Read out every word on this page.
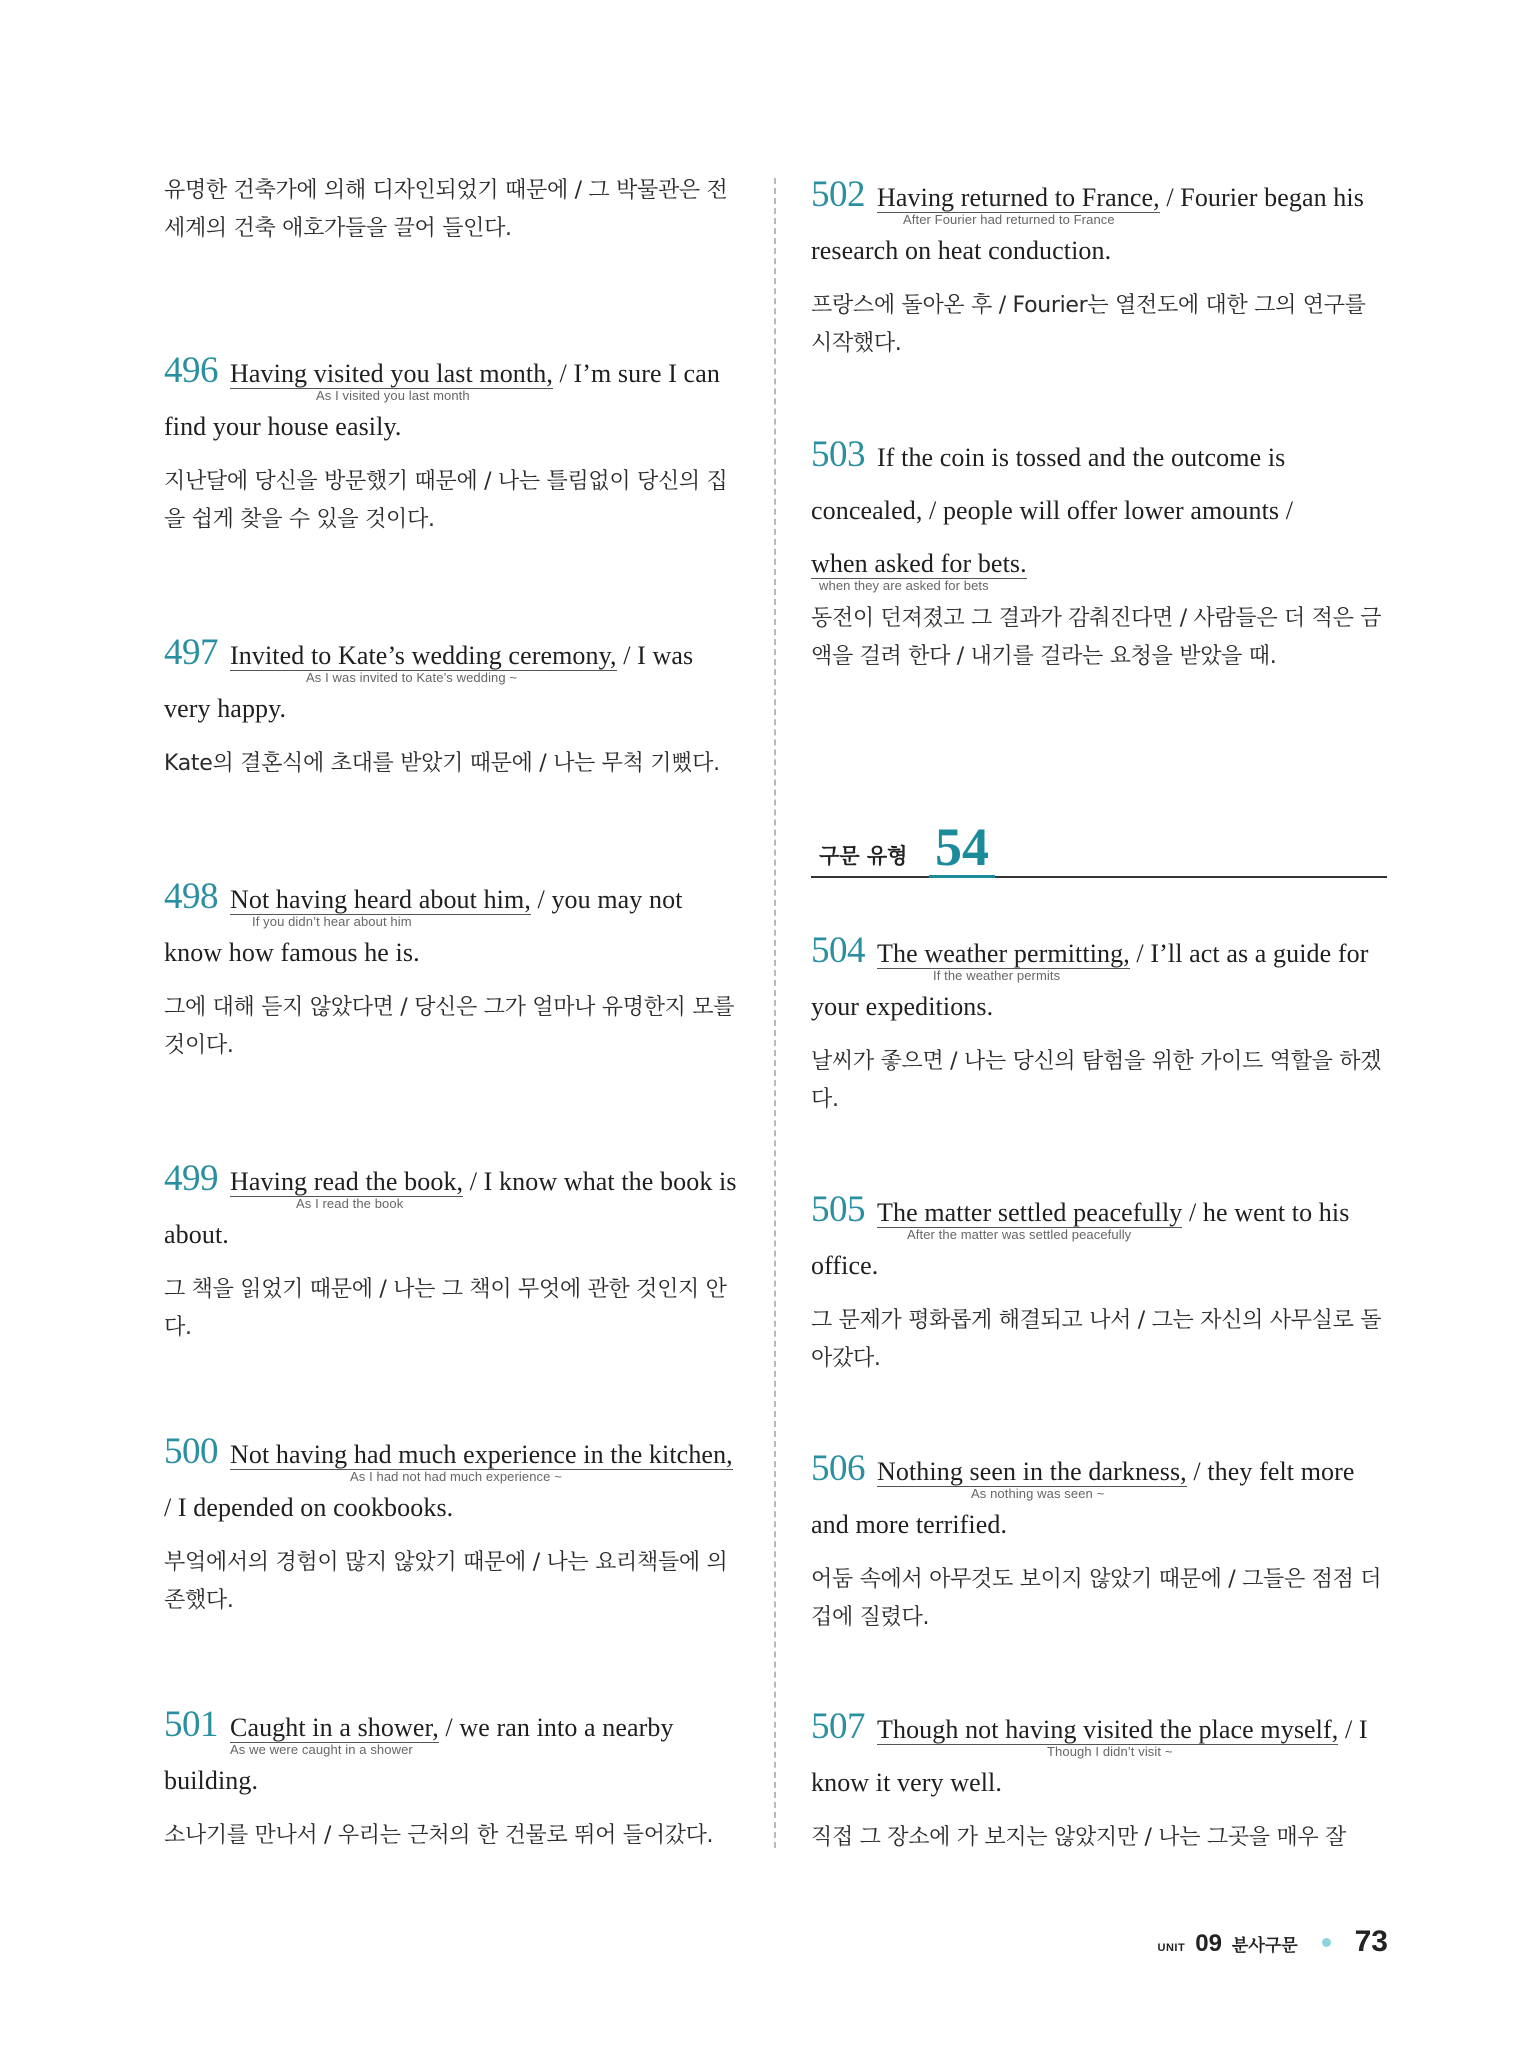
유명한 건축가에 의해 디자인되었기 때문에 / 그 박물관은 전 세계의 건축 애호가들을 끌어 들인다.
496 Having visited you last month,
As I visited you last month
/ I’m sure I can find your house easily.
지난달에 당신을 방문했기 때문에 / 나는 틀림없이 당신의 집을 쉽게 찾을 수 있을 것이다.
497 Invited to Kate’s wedding ceremony,
As I was invited to Kate’s wedding ~
/ I was very happy.
Kate의 결혼식에 초대를 받았기 때문에 / 나는 무척 기뻤다.
498 Not having heard about him,
If you didn’t hear about him
/ you may not know how famous he is.
그에 대해 듣지 않았다면 / 당신은 그가 얼마나 유명한지 모를 것이다.
499 Having read the book,
As I read the book
/ I know what the book is about.
그 책을 읽었기 때문에 / 나는 그 책이 무엇에 관한 것인지 안다.
500 Not having had much experience in the kitchen,
As I had not had much experience ~
/ I depended on cookbooks.
부엌에서의 경험이 많지 않았기 때문에 / 나는 요리책들에 의존했다.
501 Caught in a shower,
As we were caught in a shower
/ we ran into a nearby building.
소나기를 만나서 / 우리는 근처의 한 건물로 뛰어 들어갔다.
502 Having returned to France,
After Fourier had returned to France
/ Fourier began his research on heat conduction.
프랑스에 돌아온 후 / Fourier는 열전도에 대한 그의 연구를 시작했다.
503 If the coin is tossed and the outcome is concealed, / people will offer lower amounts / when asked for bets.
when they are asked for bets
동전이 던져졌고 그 결과가 감춰진다면 / 사람들은 더 적은 금액을 걸려 한다 / 내기를 걸라는 요청을 받았을 때.
구문 유형 54
504 The weather permitting,
If the weather permits
/ I’ll act as a guide for your expeditions.
날씨가 좋으면 / 나는 당신의 탐험을 위한 가이드 역할을 하겠다.
505 The matter settled peacefully
After the matter was settled peacefully
/ he went to his office.
그 문제가 평화롭게 해결되고 나서 / 그는 자신의 사무실로 돌아갔다.
506 Nothing seen in the darkness,
As nothing was seen ~
/ they felt more and more terrified.
어둠 속에서 아무것도 보이지 않았기 때문에 / 그들은 점점 더 겁에 질렸다.
507 Though not having visited the place myself,
Though I didn’t visit ~
/ I know it very well.
직접 그 장소에 가 보지는 않았지만 / 나는 그곳을 매우 잘
UNIT 09 분사구문 73
